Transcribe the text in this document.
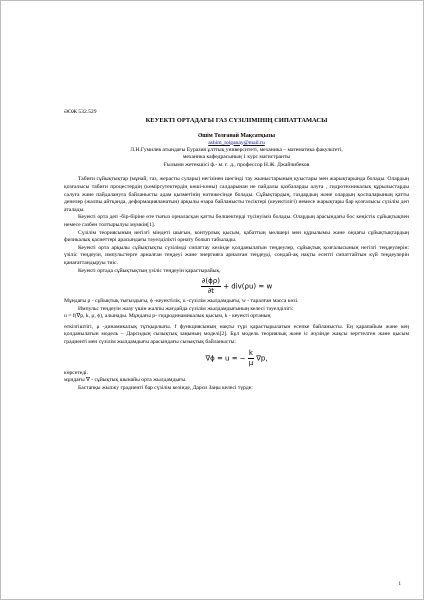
ӘОЖ 532.529
КЕУЕКТІ ОРТАДАҒЫ ГАЗ СҮЗІЛІМІНІҢ СИПАТТАМАСЫ
Әшім Толғанай Мақсатқызы
ashim_tolganay@mail.ru
Л.Н.Гумилев атындағы Еуразия ұлттық университеті, механика – математика факультеті,
механика кафедрасының 1 курс магистранты
Ғылыми жетекшісі ф.- м. ғ. д., профессор Н.Ж. Джайчибеков

Табиғи сұйықтықтар (мұнай, газ, жерасты сулары) негізінен шөгінді тау жыныстарының қуыстары мен жарықтарында болады. Олардың қозғалысы табиғи процестердің (көмірсутектердің көші-көны) салдарынан не пайдалы қазбаларды алуға , гидротехникалық құрылыстарды салуға және пайдалануға байланысты адам қызметінің нәтижесінде болады. Сұйықтардың, газдардың және олардың қоспаларының қатты денелер (жалпы айтқанда, деформацияланатын) арқылы өзара байланысты тесіктері (кеуектілігі) немесе жарықтары бар қозғалысы сүзілім деп аталады.

Кеуекті орта деп -бір-біріне өте тығыз орналасқан қатты бөлшектерді түсінуіміз болады. Олардың арасындағы бос кеңістік сұйықтықпен немесе газбен толтырылуы мүмкін[1].

Сүзілім теориясының негізгі міндеті шығын, контурлық қысым, қабаттың мөлшері мен құрылымы және ондағы сұйықтықтардың физикалық қасиеттері арасындағы тәуелділікті орнату болып табылады.

Кеуекті орта арқылы сұйықтықты сүзілімді сипаттау кезінде қолданылатын теңдеулер, сұйықтық қозғалысының негізгі теңдеулерін: үзіліс теңдеуін, импульстерге арналған теңдеуі және энергияға арналған теңдеуді, сондай-ақ нақты есепті сипаттайтын күй теңдеулерін қанағаттандыруы тиіс.

Кеуекті ортада сұйықтықтың үзіліс теңдеуін қарастырайық.

$\frac{\partial(\phi\rho)}{\partial t} + div(\rho u) = w$

Мұндағы ρ - сұйықтық тығыздығы, ϕ -кеуектілік, u -сүзілім жылдамдығы, w - таралған масса көзі.

Импульс теңдеуін жазу үшін жалпы жағдайда сүзілім жылдамдығының келесі тәуелділігі:

u = f(∇p, k, μ, ϕ), алынады. Мұндағы p- гидродинамикалық қысым, k - кеуекті ортаның

өткізгіштігі, μ -динамикалық тұтқырлығы. f функциясының нақты түрі қарастырылатын есепке байланысты. Ең қарапайым және кең қолданылатын модель – Дарсидың сызықтық заңының моделі[2]. Бұл модель теориялық және іс жүзінде жақсы зерттелген және қысым градиенті мен сүзілім жылдамдығы арасындағы сызықтық байланысты:

∇ϕ = u = − $\frac{k}{\mu} \nabla p$,

көрсетеді.

мұндағы ∇ - сұйықтық шынайы орта жылдамдығы.

Бастапқы жылжу градиенті бар сүзілім кезінде, Дарси Заңы келесі түрде:

1
